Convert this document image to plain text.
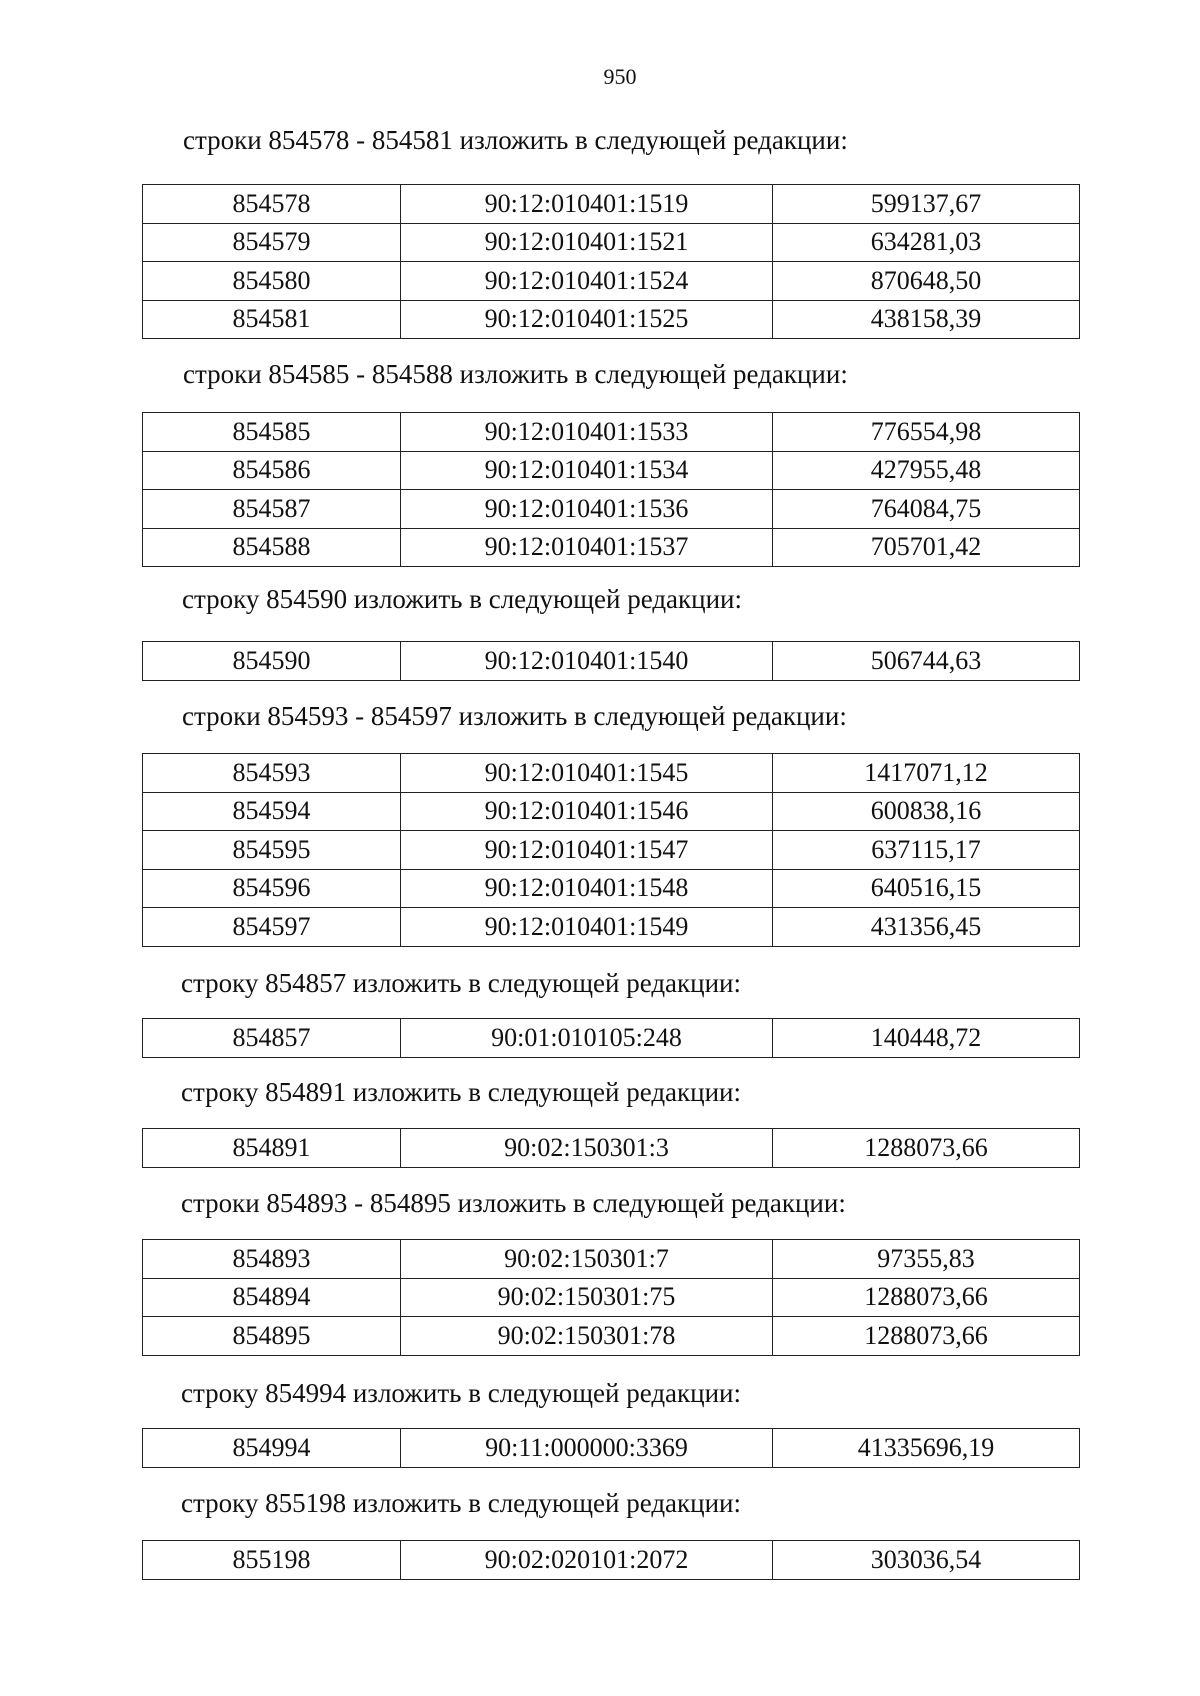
950
строки 854578 - 854581 изложить в следующей редакции:
854578	90:12:010401:1519	599137,67
854579	90:12:010401:1521	634281,03
854580	90:12:010401:1524	870648,50
854581	90:12:010401:1525	438158,39
строки 854585 - 854588 изложить в следующей редакции:
854585	90:12:010401:1533	776554,98
854586	90:12:010401:1534	427955,48
854587	90:12:010401:1536	764084,75
854588	90:12:010401:1537	705701,42
строку 854590 изложить в следующей редакции:
854590	90:12:010401:1540	506744,63
строки 854593 - 854597 изложить в следующей редакции:
854593	90:12:010401:1545	1417071,12
854594	90:12:010401:1546	600838,16
854595	90:12:010401:1547	637115,17
854596	90:12:010401:1548	640516,15
854597	90:12:010401:1549	431356,45
строку 854857 изложить в следующей редакции:
854857	90:01:010105:248	140448,72
строку 854891 изложить в следующей редакции:
854891	90:02:150301:3	1288073,66
строки 854893 - 854895 изложить в следующей редакции:
854893	90:02:150301:7	97355,83
854894	90:02:150301:75	1288073,66
854895	90:02:150301:78	1288073,66
строку 854994 изложить в следующей редакции:
854994	90:11:000000:3369	41335696,19
строку 855198 изложить в следующей редакции:
855198	90:02:020101:2072	303036,54
